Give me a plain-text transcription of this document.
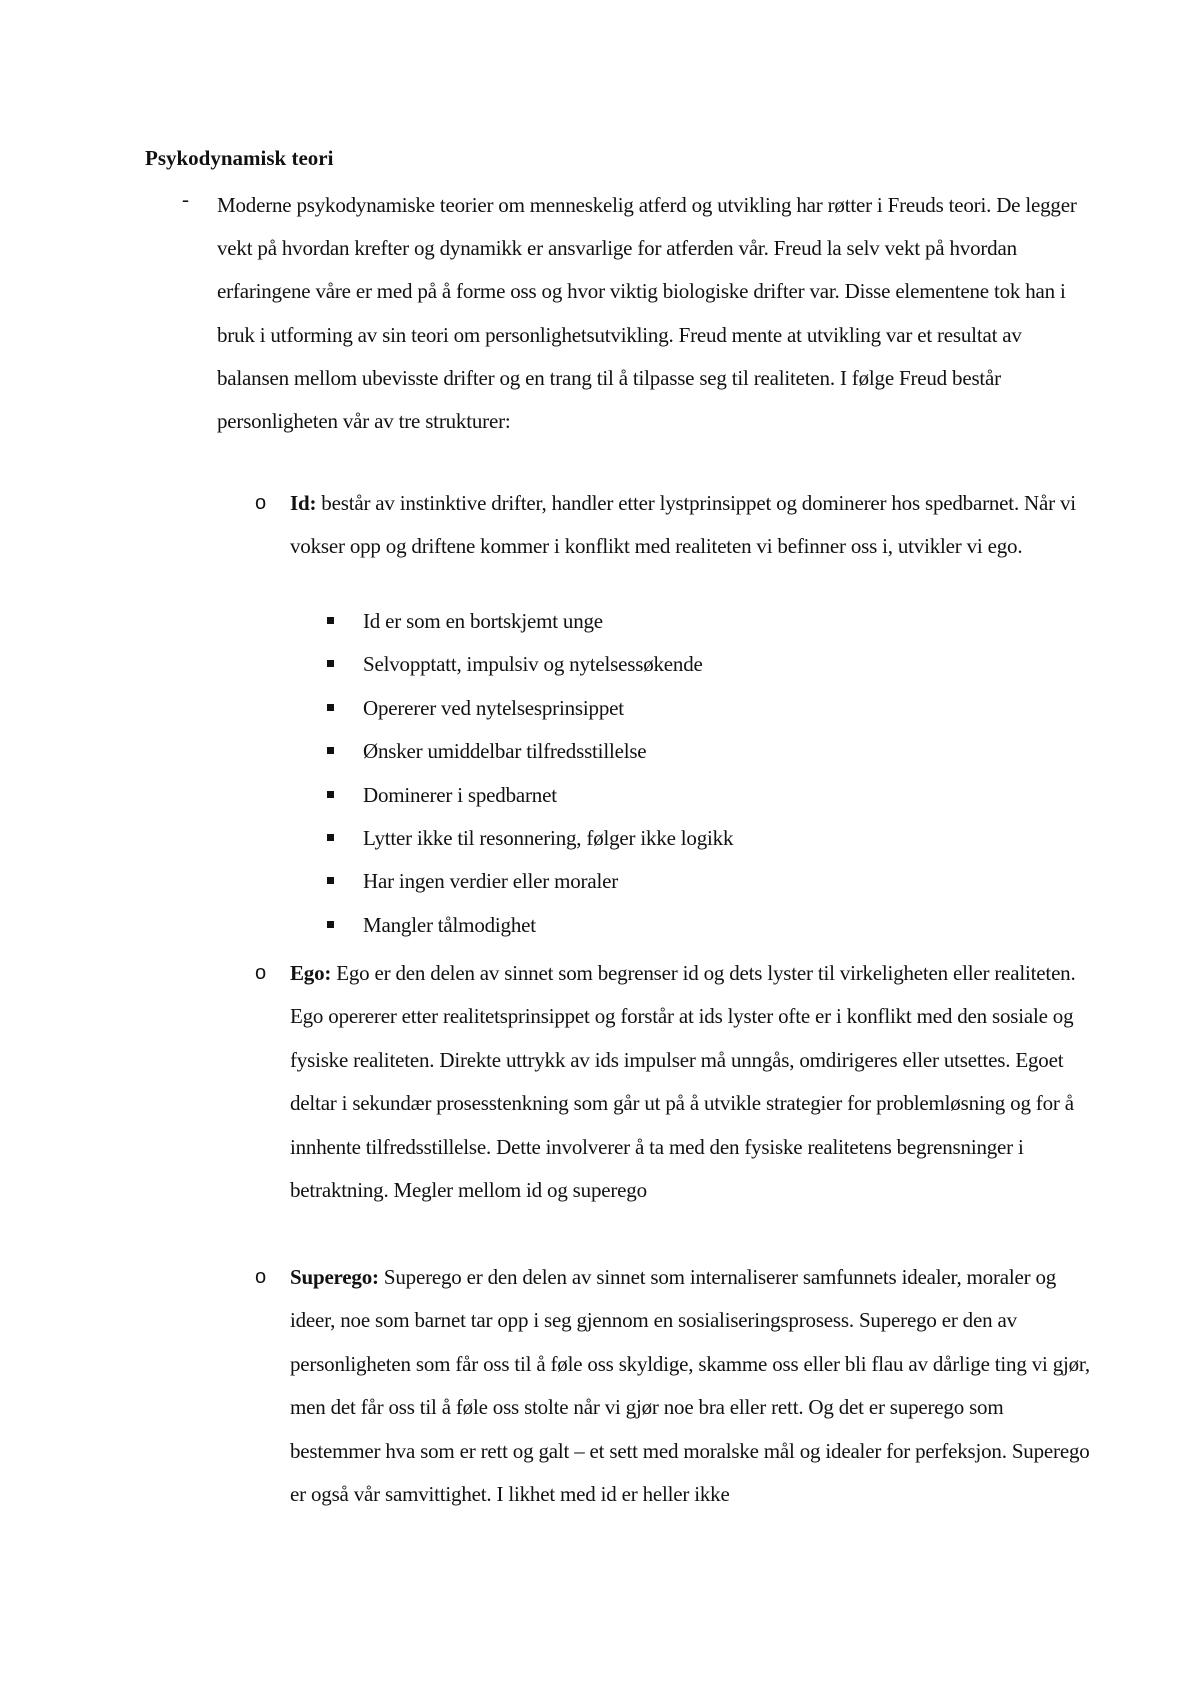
Psykodynamisk teori
- Moderne psykodynamiske teorier om menneskelig atferd og utvikling har røtter i Freuds teori. De legger vekt på hvordan krefter og dynamikk er ansvarlige for atferden vår. Freud la selv vekt på hvordan erfaringene våre er med på å forme oss og hvor viktig biologiske drifter var. Disse elementene tok han i bruk i utforming av sin teori om personlighetsutvikling. Freud mente at utvikling var et resultat av balansen mellom ubevisste drifter og en trang til å tilpasse seg til realiteten. I følge Freud består personligheten vår av tre strukturer:
o Id: består av instinktive drifter, handler etter lystprinsippet og dominerer hos spedbarnet. Når vi vokser opp og driftene kommer i konflikt med realiteten vi befinner oss i, utvikler vi ego.
Id er som en bortskjemt unge
Selvopptatt, impulsiv og nytelsessøkende
Opererer ved nytelsesprinsippet
Ønsker umiddelbar tilfredsstillelse
Dominerer i spedbarnet
Lytter ikke til resonnering, følger ikke logikk
Har ingen verdier eller moraler
Mangler tålmodighet
o Ego: Ego er den delen av sinnet som begrenser id og dets lyster til virkeligheten eller realiteten. Ego opererer etter realitetsprinsippet og forstår at ids lyster ofte er i konflikt med den sosiale og fysiske realiteten. Direkte uttrykk av ids impulser må unngås, omdirigeres eller utsettes. Egoet deltar i sekundær prosesstenkning som går ut på å utvikle strategier for problemløsning og for å innhente tilfredsstillelse. Dette involverer å ta med den fysiske realitetens begrensninger i betraktning. Megler mellom id og superego
o Superego: Superego er den delen av sinnet som internaliserer samfunnets idealer, moraler og ideer, noe som barnet tar opp i seg gjennom en sosialiseringsprosess. Superego er den av personligheten som får oss til å føle oss skyldige, skamme oss eller bli flau av dårlige ting vi gjør, men det får oss til å føle oss stolte når vi gjør noe bra eller rett. Og det er superego som bestemmer hva som er rett og galt – et sett med moralske mål og idealer for perfeksjon. Superego er også vår samvittighet. I likhet med id er heller ikke
